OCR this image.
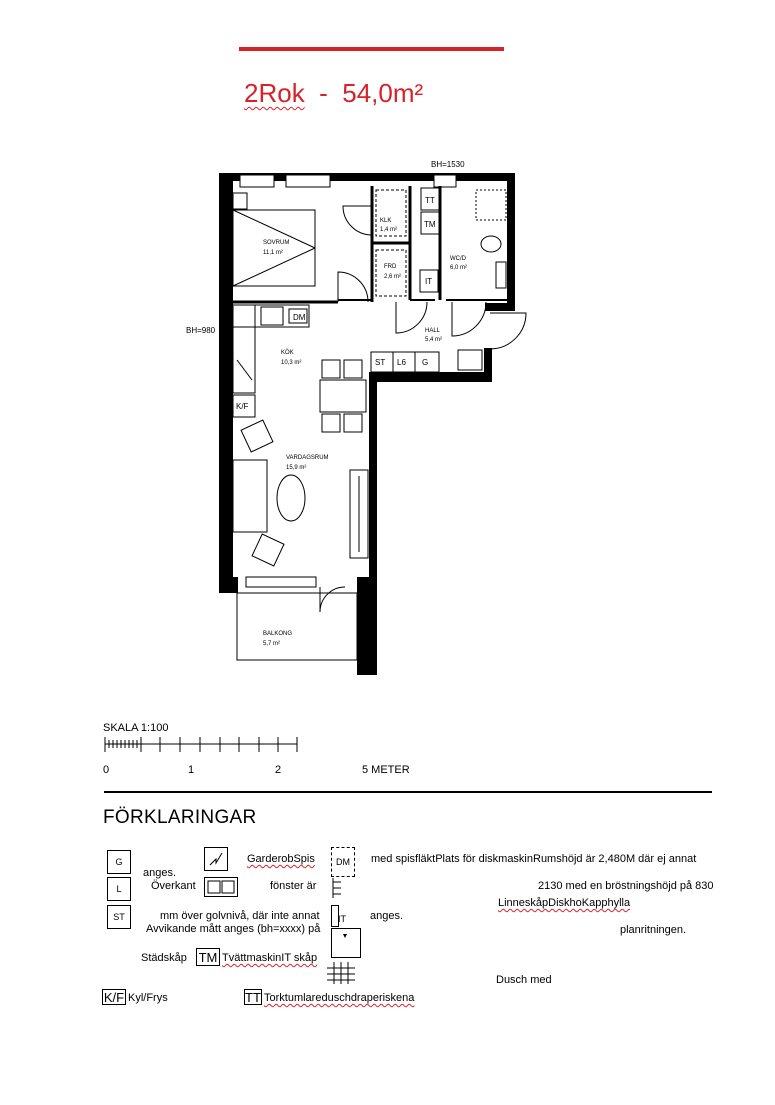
2Rok  -  54,0m²
BH=1530
BH=980
SOVRUM
11,1 m²
KLK
1,4 m²
FRD
2,6 m²
WC/D
6,0 m²
HALL
5,4 m²
KÖK
10,3 m²
VARDAGSRUM
15,9 m²
BALKONG
5,7 m²
TT
TM
IT
DM
K/F
ST L6 G
SKALA 1:100
0	1	2	5 METER
FÖRKLARINGAR
G
L
ST
DM
IT
TM
K/F	TT
anges.
GarderobSpis	med spisfläktPlats för diskmaskinRumshöjd är 2,480M där ej annat
Överkant	fönster är	2130 med en bröstningshöjd på 830
LinneskåpDiskhoKapphylla
mm över golvnivå, där inte annat	anges.
Avvikande mått anges (bh=xxxx) på	planritningen.
Städskåp	TvättmaskinIT skåp
Dusch med
Kyl/Frys	Torktumlareduschdraperiskena
